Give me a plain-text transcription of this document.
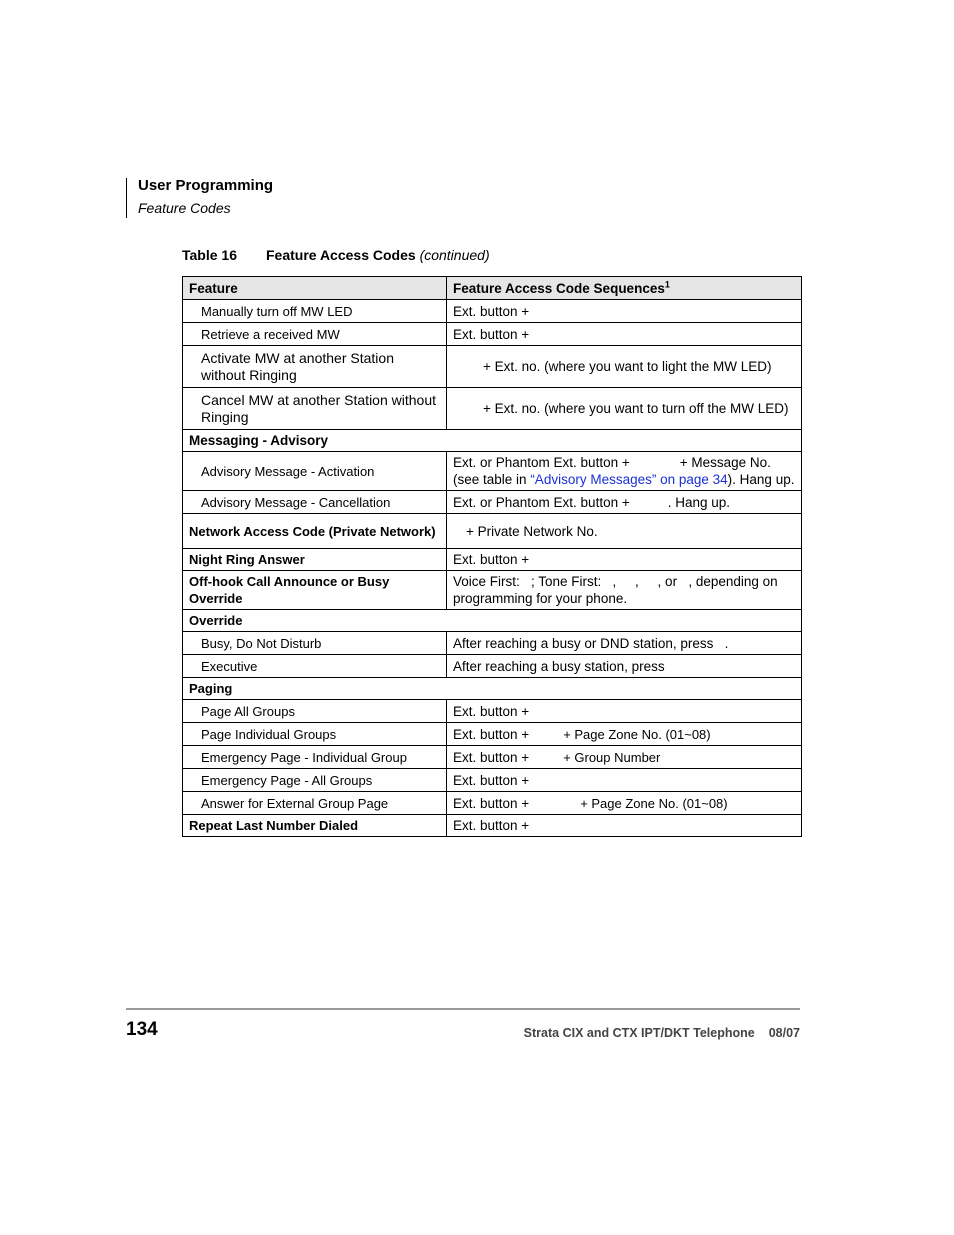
User Programming
Feature Codes
Table 16 Feature Access Codes (continued)
Feature	Feature Access Code Sequences$^1$
Manually turn off MW LED	Ext. button +
Retrieve a received MW	Ext. button +
Activate MW at another Station without Ringing	+ Ext. no. (where you want to light the MW LED)
Cancel MW at another Station without Ringing	+ Ext. no. (where you want to turn off the MW LED)
Messaging - Advisory	
Advisory Message - Activation	Ext. or Phantom Ext. button + + Message No. (see table in “Advisory Messages” on page 34). Hang up.
Advisory Message - Cancellation	Ext. or Phantom Ext. button + . Hang up.
Network Access Code (Private Network)	+ Private Network No.
Night Ring Answer	Ext. button +
Off-hook Call Announce or Busy Override	Voice First:   ; Tone First:   ,     ,     , or   , depending on programming for your phone.
Override	
Busy, Do Not Disturb	After reaching a busy or DND station, press   .
Executive	After reaching a busy station, press
Paging	
Page All Groups	Ext. button +
Page Individual Groups	Ext. button + + Page Zone No. (01~08)
Emergency Page - Individual Group	Ext. button + + Group Number
Emergency Page - All Groups	Ext. button +
Answer for External Group Page	Ext. button + + Page Zone No. (01~08)
Repeat Last Number Dialed	Ext. button +
134	Strata CIX and CTX IPT/DKT Telephone 08/07
